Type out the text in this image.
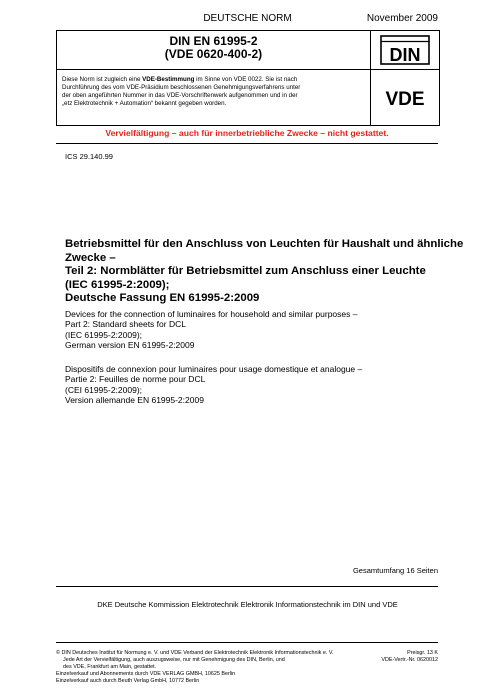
DEUTSCHE NORM	November 2009
DIN EN 61995-2
(VDE 0620-400-2)	DIN
Diese Norm ist zugleich eine VDE-Bestimmung im Sinne von VDE 0022. Sie ist nach
Durchführung des vom VDE-Präsidium beschlossenen Genehmigungsverfahrens unter
der oben angeführten Nummer in das VDE-Vorschriftenwerk aufgenommen und in der
„etz Elektrotechnik + Automation“ bekannt gegeben worden.	VDE
Vervielfältigung – auch für innerbetriebliche Zwecke – nicht gestattet.
ICS 29.140.99
Betriebsmittel für den Anschluss von Leuchten für Haushalt und ähnliche
Zwecke –
Teil 2: Normblätter für Betriebsmittel zum Anschluss einer Leuchte
(IEC 61995-2:2009);
Deutsche Fassung EN 61995-2:2009
Devices for the connection of luminaires for household and similar purposes –
Part 2: Standard sheets for DCL
(IEC 61995-2:2009);
German version EN 61995-2:2009
Dispositifs de connexion pour luminaires pour usage domestique et analogue –
Partie 2: Feuilles de norme pour DCL
(CEI 61995-2:2009);
Version allemande EN 61995-2:2009
Gesamtumfang 16 Seiten
DKE Deutsche Kommission Elektrotechnik Elektronik Informationstechnik im DIN und VDE
© DIN Deutsches Institut für Normung e. V. und VDE Verband der Elektrotechnik Elektronik Informationstechnik e. V.
Jede Art der Vervielfältigung, auch auszugsweise, nur mit Genehmigung des DIN, Berlin, und
des VDE, Frankfurt am Main, gestattet.
Einzelverkauf und Abonnements durch VDE VERLAG GMBH, 10625 Berlin
Einzelverkauf auch durch Beuth Verlag GmbH, 10772 Berlin
Preisgr. 13 K
VDE-Vertr.-Nr. 0620012
